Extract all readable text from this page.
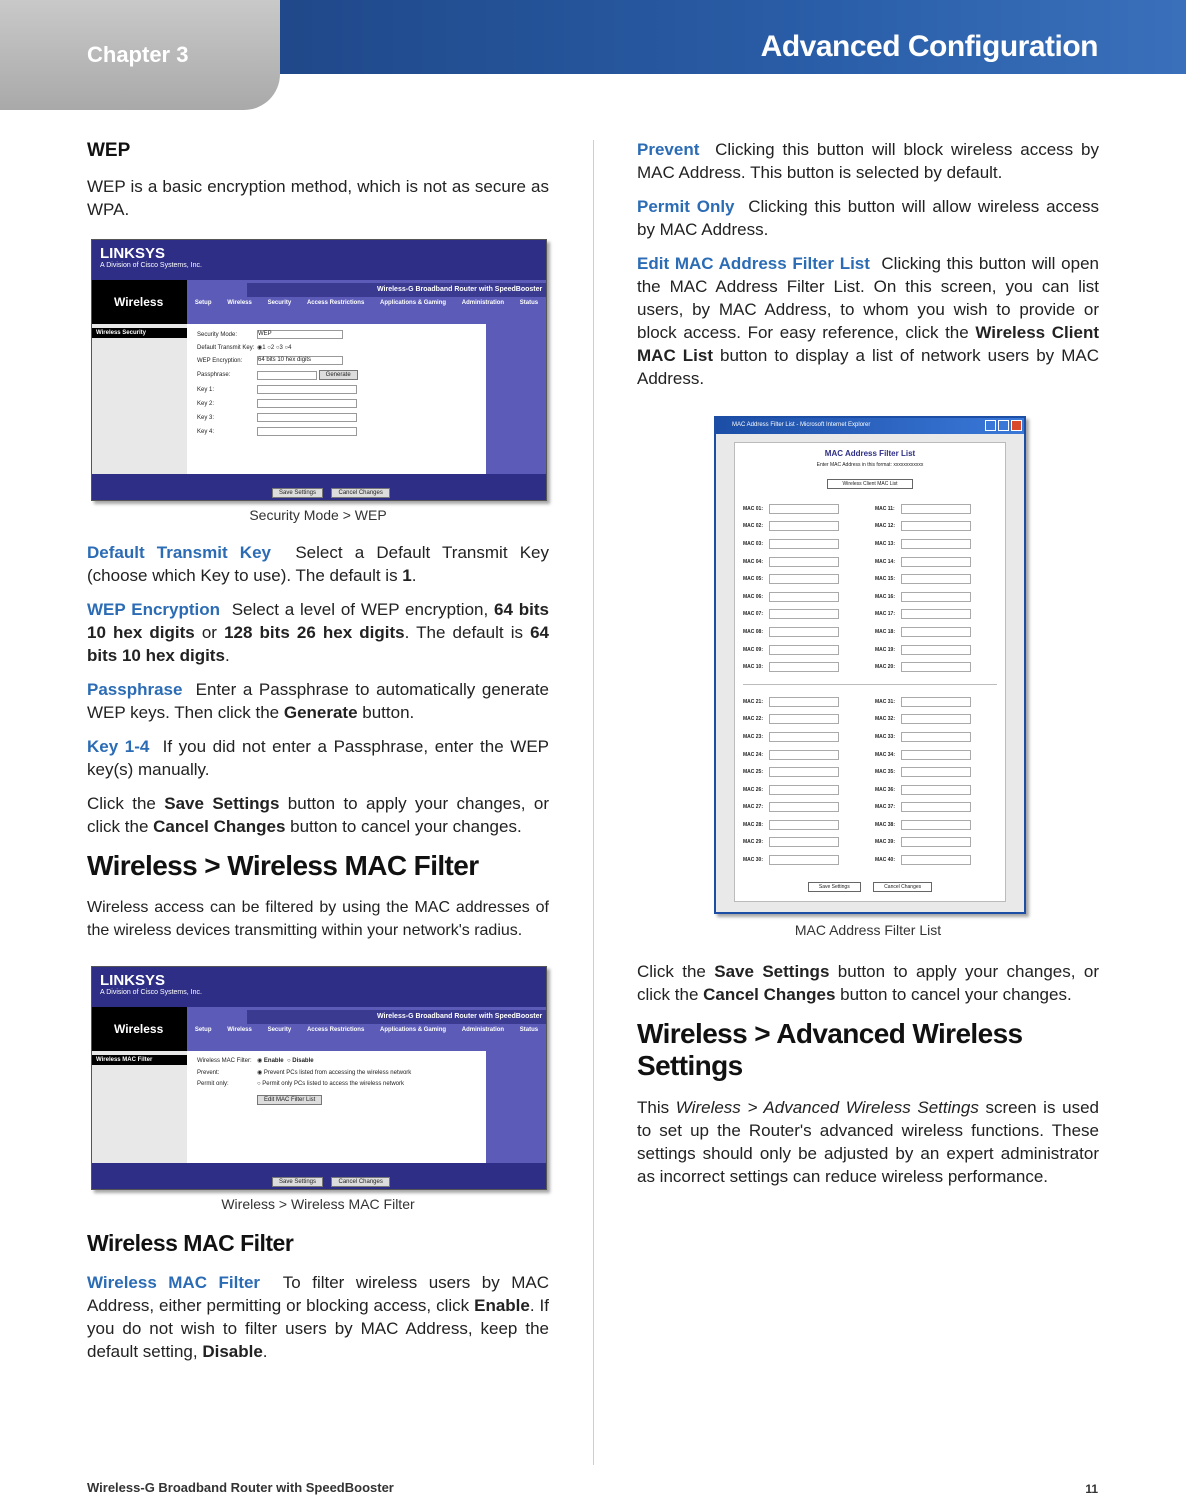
Chapter 3	Advanced Configuration
WEP

WEP is a basic encryption method, which is not as secure as WPA.

LINKSYS
A Division of Cisco Systems, Inc.
Wireless
Wireless-G Broadband Router with SpeedBooster
Setup	Wireless	Security	Access Restrictions	Applications & Gaming	Administration	Status
Wireless Security	Security Mode:	WEP
Default Transmit Key: ◉1 ○2 ○3 ○4
WEP Encryption:	64 bits 10 hex digits
Passphrase:
	Generate
Key 1:
Key 2:
Key 3:
Key 4:
Save Settings	Cancel Changes
Security Mode > WEP

Default Transmit Key Select a Default Transmit Key (choose which Key to use). The default is 1.

WEP Encryption Select a level of WEP encryption, 64 bits 10 hex digits or 128 bits 26 hex digits. The default is 64 bits 10 hex digits.

Passphrase Enter a Passphrase to automatically generate WEP keys. Then click the Generate button.

Key 1-4 If you did not enter a Passphrase, enter the WEP key(s) manually.

Click the Save Settings button to apply your changes, or click the Cancel Changes button to cancel your changes.

Wireless > Wireless MAC Filter

Wireless access can be filtered by using the MAC addresses of the wireless devices transmitting within your network's radius.

LINKSYS
A Division of Cisco Systems, Inc.
Wireless
Wireless-G Broadband Router with SpeedBooster
Setup	Wireless	Security	Access Restrictions	Applications & Gaming	Administration	Status
Wireless MAC Filter	Wireless MAC Filter: ◉ Enable
○ Disable
Prevent:	◉ Prevent PCs listed from accessing the wireless network
Permit only:	○ Permit only PCs listed to access the wireless network
Edit MAC Filter List
Save Settings	Cancel Changes
Wireless > Wireless MAC Filter
Wireless MAC Filter

Wireless MAC Filter To filter wireless users by MAC Address, either permitting or blocking access, click Enable. If you do not wish to filter users by MAC Address, keep the default setting, Disable.

Prevent Clicking this button will block wireless access by MAC Address. This button is selected by default.

Permit Only Clicking this button will allow wireless access by MAC Address.

Edit MAC Address Filter List Clicking this button will open the MAC Address Filter List. On this screen, you can list users, by MAC Address, to whom you wish to provide or block access. For easy reference, click the Wireless Client MAC List button to display a list of network users by MAC Address.

MAC Address Filter List - Microsoft Internet Explorer
MAC Address Filter List
Enter MAC Address in this format: xxxxxxxxxxxx
Wireless Client MAC List
MAC 01:	MAC 11:
MAC 02:	MAC 12:
MAC 03:	MAC 13:
MAC 04:	MAC 14:
MAC 05:	MAC 15:
MAC 06:	MAC 16:
MAC 07:	MAC 17:
MAC 08:	MAC 18:
MAC 09:	MAC 19:
MAC 10:	MAC 20:
MAC 21:	MAC 31:
MAC 22:	MAC 32:
MAC 23:	MAC 33:
MAC 24:	MAC 34:
MAC 25:	MAC 35:
MAC 26:	MAC 36:
MAC 27:	MAC 37:
MAC 28:	MAC 38:
MAC 29:	MAC 39:
MAC 30:	MAC 40:
Save Settings	Cancel Changes
MAC Address Filter List

Click the Save Settings button to apply your changes, or click the Cancel Changes button to cancel your changes.

Wireless > Advanced Wireless Settings

This Wireless > Advanced Wireless Settings screen is used to set up the Router's advanced wireless functions. These settings should only be adjusted by an expert administrator as incorrect settings can reduce wireless performance.

Wireless-G Broadband Router with SpeedBooster	11
